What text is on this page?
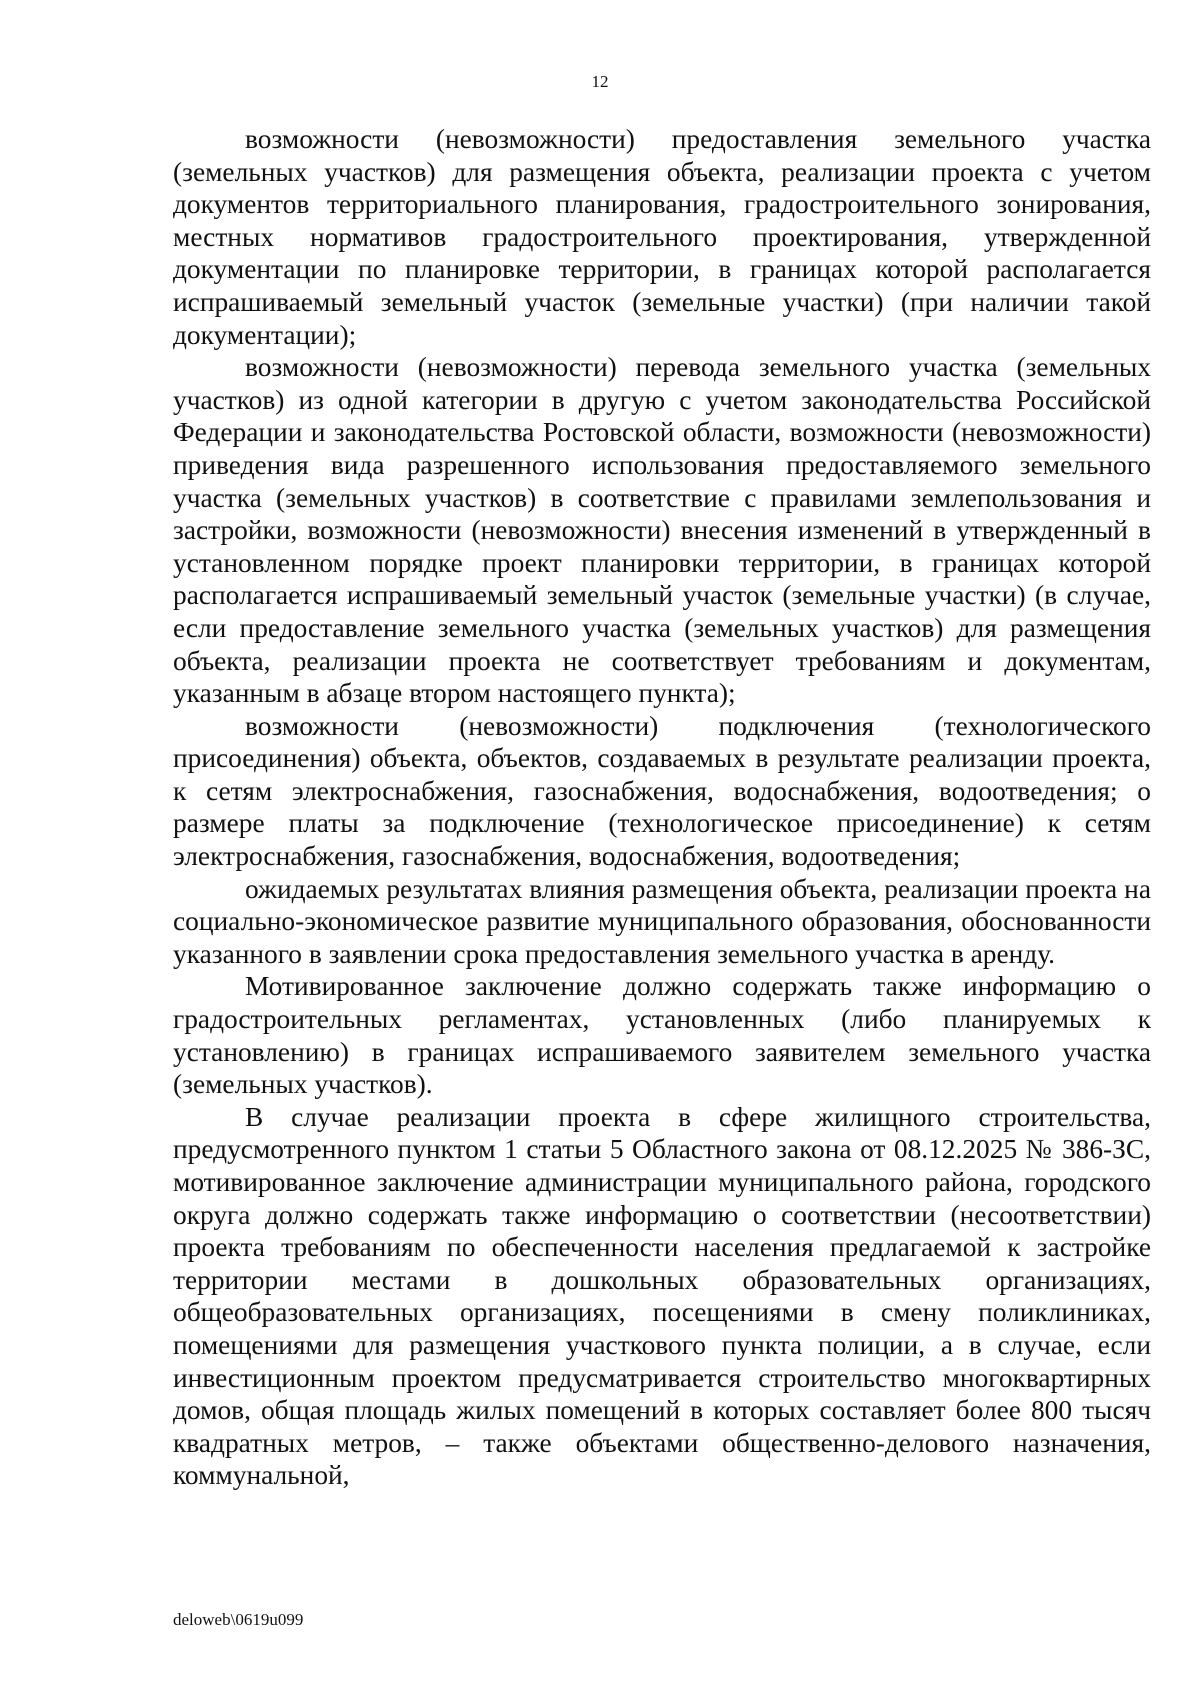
12

возможности (невозможности) предоставления земельного участка (земельных участков) для размещения объекта, реализации проекта с учетом документов территориального планирования, градостроительного зонирования, местных нормативов градостроительного проектирования, утвержденной документации по планировке территории, в границах которой располагается испрашиваемый земельный участок (земельные участки) (при наличии такой документации);

возможности (невозможности) перевода земельного участка (земельных участков) из одной категории в другую с учетом законодательства Российской Федерации и законодательства Ростовской области, возможности (невозможности) приведения вида разрешенного использования предоставляемого земельного участка (земельных участков) в соответствие с правилами землепользования и застройки, возможности (невозможности) внесения изменений в утвержденный в установленном порядке проект планировки территории, в границах которой располагается испрашиваемый земельный участок (земельные участки) (в случае, если предоставление земельного участка (земельных участков) для размещения объекта, реализации проекта не соответствует требованиям и документам, указанным в абзаце втором настоящего пункта);

возможности (невозможности) подключения (технологического присоединения) объекта, объектов, создаваемых в результате реализации проекта, к сетям электроснабжения, газоснабжения, водоснабжения, водоотведения; о размере платы за подключение (технологическое присоединение) к сетям электроснабжения, газоснабжения, водоснабжения, водоотведения;

ожидаемых результатах влияния размещения объекта, реализации проекта на социально-экономическое развитие муниципального образования, обоснованности указанного в заявлении срока предоставления земельного участка в аренду.

Мотивированное заключение должно содержать также информацию о градостроительных регламентах, установленных (либо планируемых к установлению) в границах испрашиваемого заявителем земельного участка (земельных участков).

В случае реализации проекта в сфере жилищного строительства, предусмотренного пунктом 1 статьи 5 Областного закона от 08.12.2025 № 386-ЗС, мотивированное заключение администрации муниципального района, городского округа должно содержать также информацию о соответствии (несоответствии) проекта требованиям по обеспеченности населения предлагаемой к застройке территории местами в дошкольных образовательных организациях, общеобразовательных организациях, посещениями в смену поликлиниках, помещениями для размещения участкового пункта полиции, а в случае, если инвестиционным проектом предусматривается строительство многоквартирных домов, общая площадь жилых помещений в которых составляет более 800 тысяч квадратных метров, – также объектами общественно-делового назначения, коммунальной,

deloweb\0619u099
